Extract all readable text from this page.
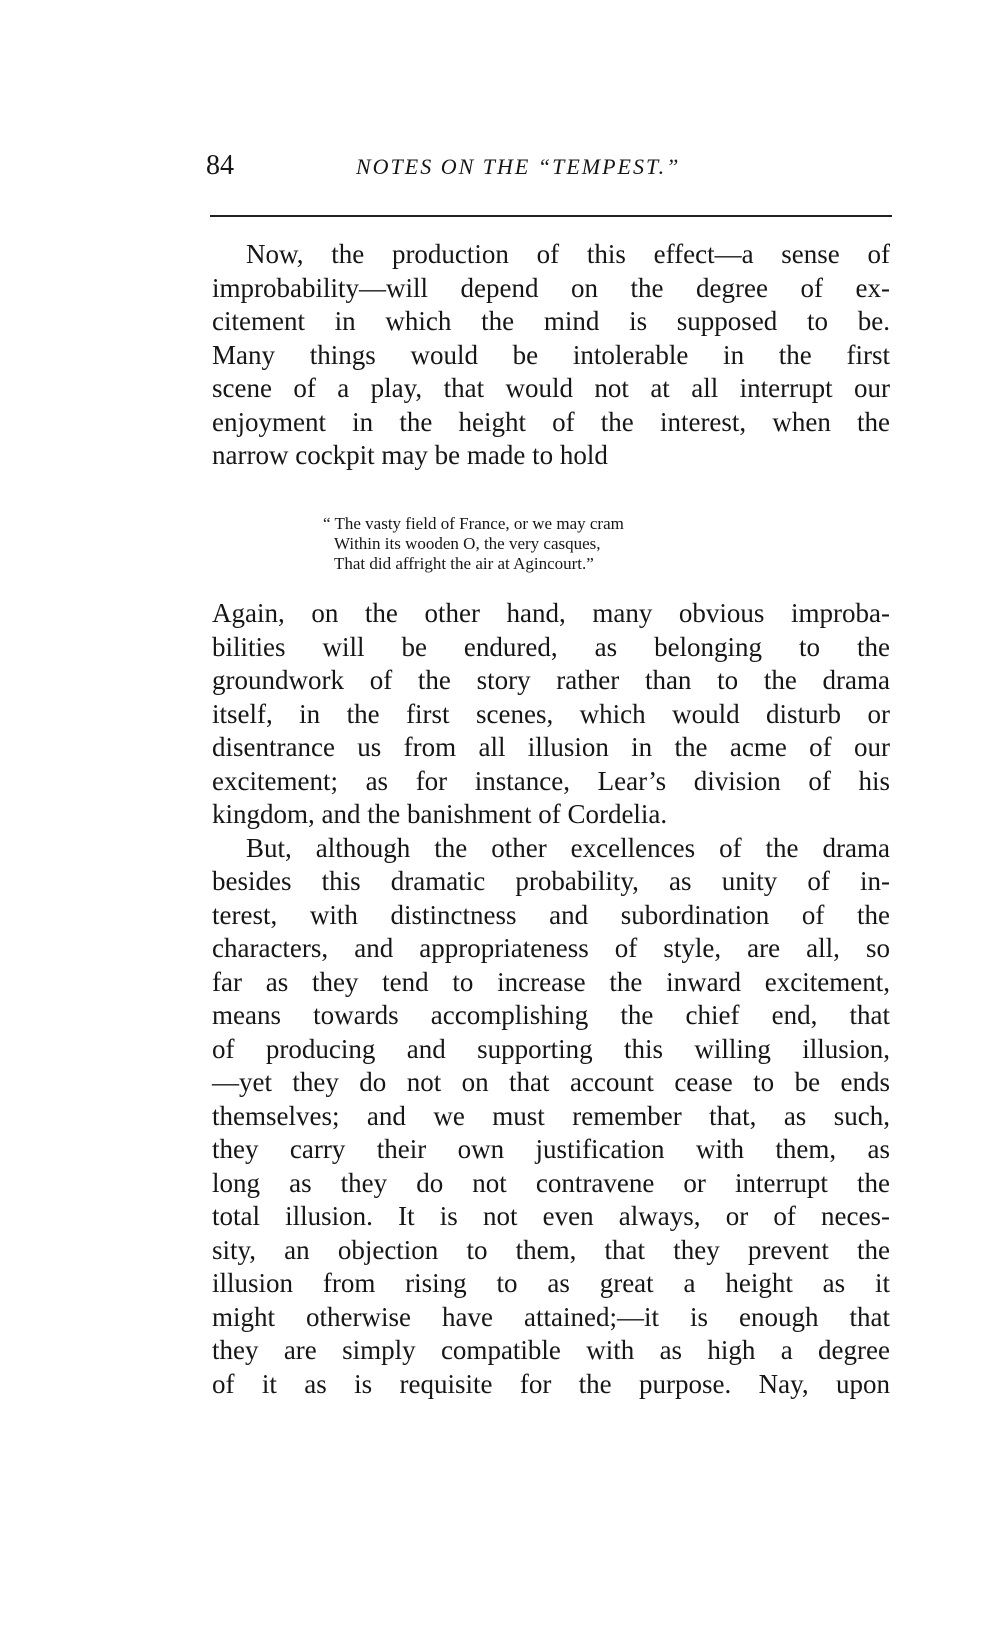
84	NOTES ON THE “TEMPEST.”
Now, the production of this effect—a sense of
improbability—will depend on the degree of ex-
citement in which the mind is supposed to be.
Many things would be intolerable in the first
scene of a play, that would not at all interrupt our
enjoyment in the height of the interest, when the
narrow cockpit may be made to hold
“ The vasty field of France, or we may cram
Within its wooden O, the very casques,
That did affright the air at Agincourt.”
Again, on the other hand, many obvious improba-
bilities will be endured, as belonging to the
groundwork of the story rather than to the drama
itself, in the first scenes, which would disturb or
disentrance us from all illusion in the acme of our
excitement; as for instance, Lear’s division of his
kingdom, and the banishment of Cordelia.
But, although the other excellences of the drama
besides this dramatic probability, as unity of in-
terest, with distinctness and subordination of the
characters, and appropriateness of style, are all, so
far as they tend to increase the inward excitement,
means towards accomplishing the chief end, that
of producing and supporting this willing illusion,
—yet they do not on that account cease to be ends
themselves; and we must remember that, as such,
they carry their own justification with them, as
long as they do not contravene or interrupt the
total illusion. It is not even always, or of neces-
sity, an objection to them, that they prevent the
illusion from rising to as great a height as it
might otherwise have attained;—it is enough that
they are simply compatible with as high a degree
of it as is requisite for the purpose. Nay, upon
